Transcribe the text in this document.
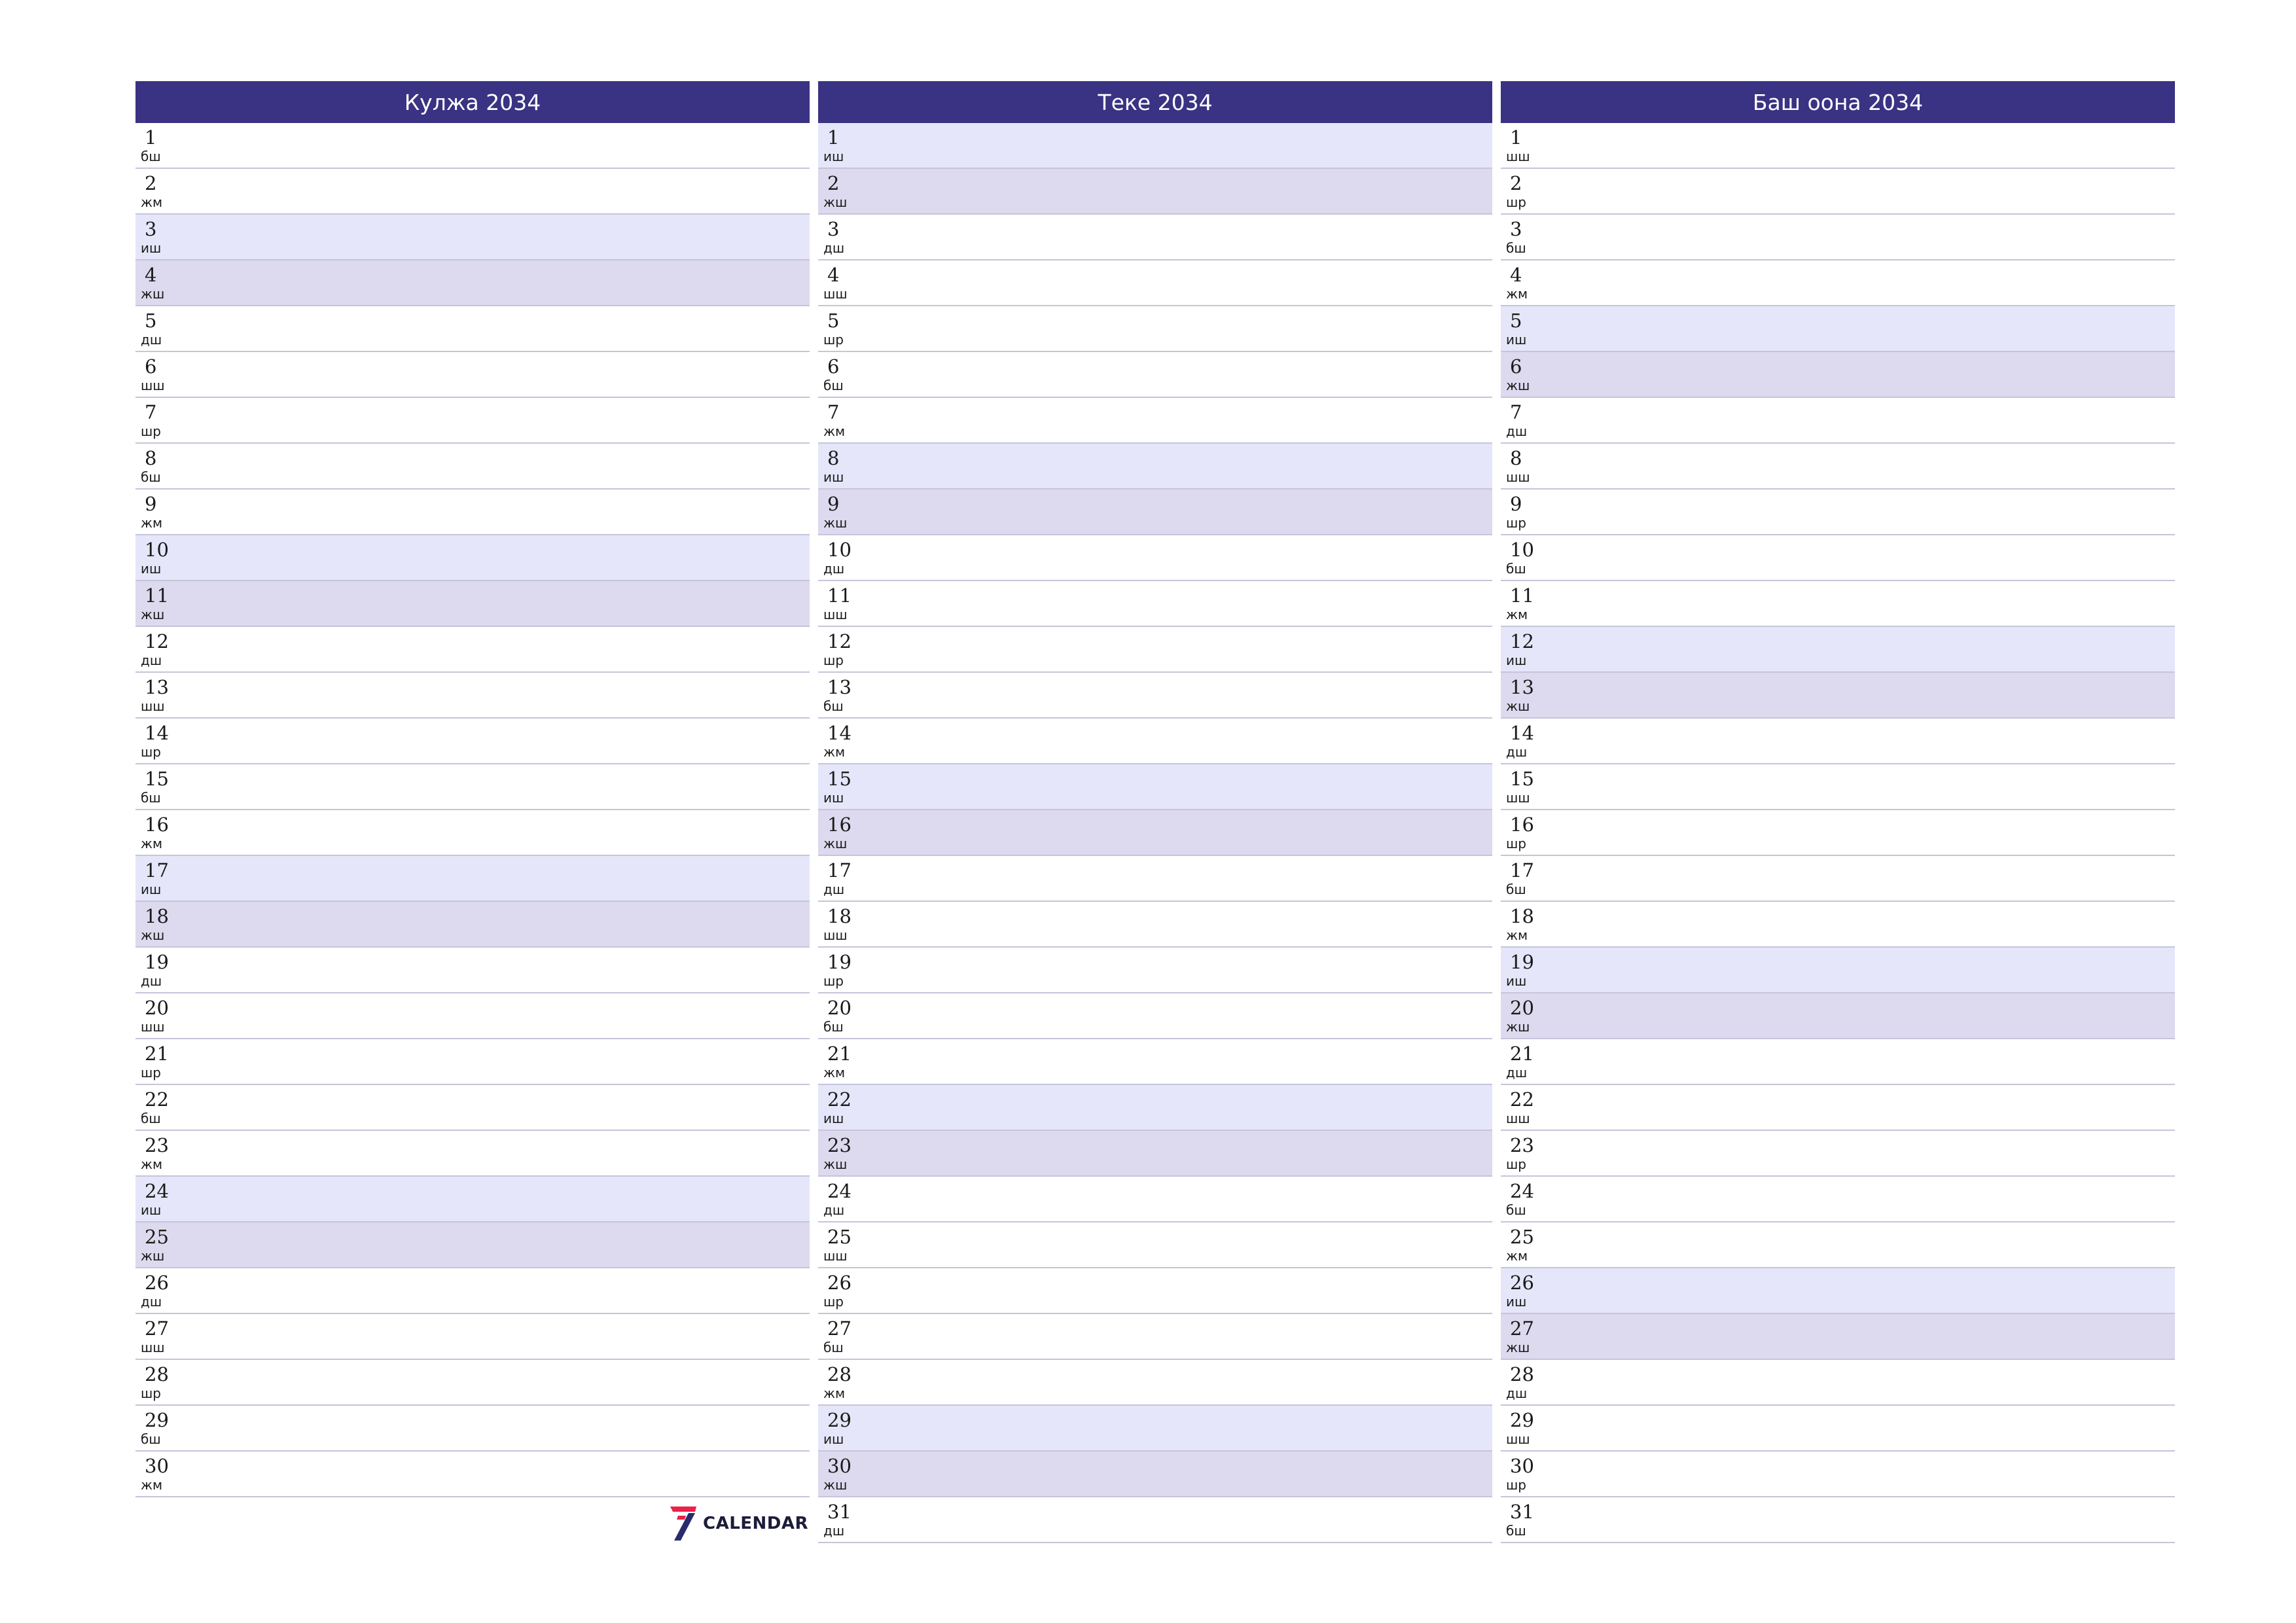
Кулжа 2034
1
бш
2
жм
3
иш
4
жш
5
дш
6
шш
7
шр
8
бш
9
жм
10
иш
11
жш
12
дш
13
шш
14
шр
15
бш
16
жм
17
иш
18
жш
19
дш
20
шш
21
шр
22
бш
23
жм
24
иш
25
жш
26
дш
27
шш
28
шр
29
бш
30
жм
Теке 2034
1
иш
2
жш
3
дш
4
шш
5
шр
6
бш
7
жм
8
иш
9
жш
10
дш
11
шш
12
шр
13
бш
14
жм
15
иш
16
жш
17
дш
18
шш
19
шр
20
бш
21
жм
22
иш
23
жш
24
дш
25
шш
26
шр
27
бш
28
жм
29
иш
30
жш
31
дш
Баш оона 2034
1
шш
2
шр
3
бш
4
жм
5
иш
6
жш
7
дш
8
шш
9
шр
10
бш
11
жм
12
иш
13
жш
14
дш
15
шш
16
шр
17
бш
18
жм
19
иш
20
жш
21
дш
22
шш
23
шр
24
бш
25
жм
26
иш
27
жш
28
дш
29
шш
30
шр
31
бш
CALENDAR
